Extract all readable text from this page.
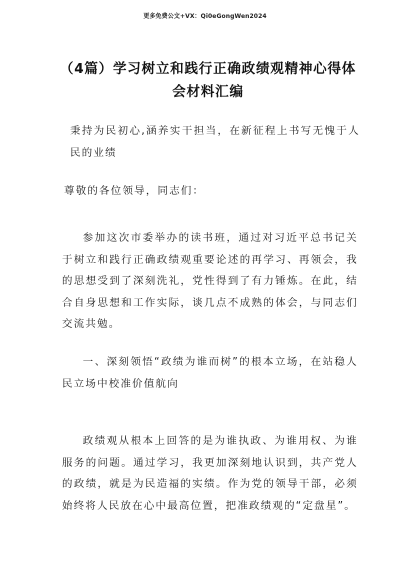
更多免费公文+VX：Qi0eGongWen2024
（4篇）学习树立和践行正确政绩观精神心得体会材料汇编
秉持为民初心,涵养实干担当，在新征程上书写无愧于人民的业绩
尊敬的各位领导，同志们：
参加这次市委举办的读书班，通过对习近平总书记关于树立和践行正确政绩观重要论述的再学习、再领会，我的思想受到了深刻洗礼，党性得到了有力锤炼。在此，结合自身思想和工作实际，谈几点不成熟的体会，与同志们交流共勉。
一、深刻领悟“政绩为谁而树”的根本立场，在站稳人民立场中校准价值航向
政绩观从根本上回答的是为谁执政、为谁用权、为谁服务的问题。通过学习，我更加深刻地认识到，共产党人的政绩，就是为民造福的实绩。作为党的领导干部，必须始终将人民放在心中最高位置，把准政绩观的“定盘星”。
